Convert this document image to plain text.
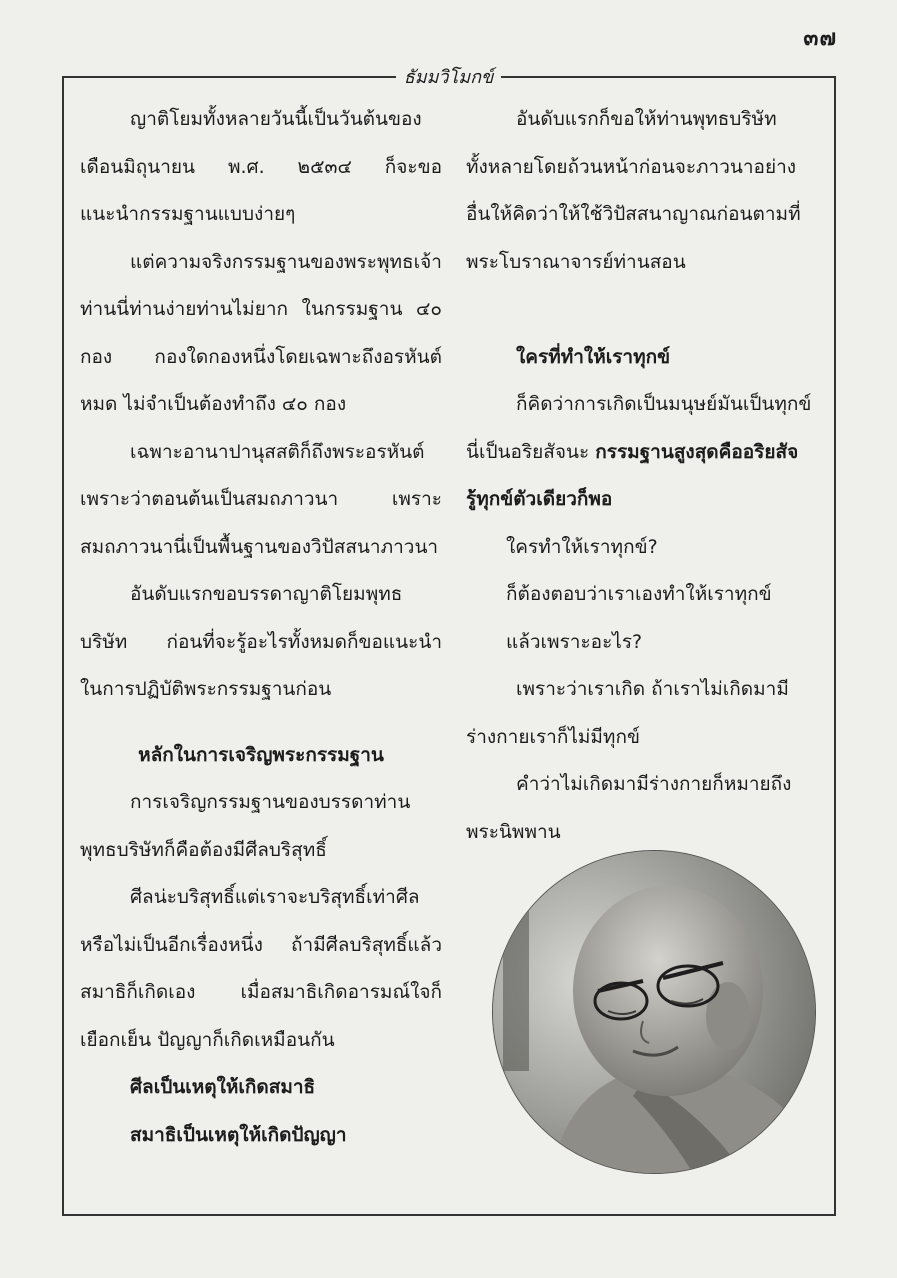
๓๗
ธัมมวิโมกข์

ญาติโยมทั้งหลายวันนี้เป็นวันต้นของ

เดือนมิถุนายน พ.ศ. ๒๕๓๔ ก็จะขอ

แนะนำกรรมฐานแบบง่ายๆ

แต่ความจริงกรรมฐานของพระพุทธเจ้า

ท่านนี่ท่านง่ายท่านไม่ยาก ในกรรมฐาน ๔๐

กอง กองใดกองหนึ่งโดยเฉพาะถึงอรหันต์

หมด ไม่จำเป็นต้องทำถึง ๔๐ กอง

เฉพาะอานาปานุสสติก็ถึงพระอรหันต์

เพราะว่าตอนต้นเป็นสมถภาวนา เพราะ

สมถภาวนานี่เป็นพื้นฐานของวิปัสสนาภาวนา

อันดับแรกขอบรรดาญาติโยมพุทธ

บริษัท ก่อนที่จะรู้อะไรทั้งหมดก็ขอแนะนำ

ในการปฏิบัติพระกรรมฐานก่อน

หลักในการเจริญพระกรรมฐาน

การเจริญกรรมฐานของบรรดาท่าน

พุทธบริษัทก็คือต้องมีศีลบริสุทธิ์

ศีลน่ะบริสุทธิ์แต่เราจะบริสุทธิ์เท่าศีล

หรือไม่เป็นอีกเรื่องหนึ่ง ถ้ามีศีลบริสุทธิ์แล้ว

สมาธิก็เกิดเอง เมื่อสมาธิเกิดอารมณ์ใจก็

เยือกเย็น ปัญญาก็เกิดเหมือนกัน

ศีลเป็นเหตุให้เกิดสมาธิ

สมาธิเป็นเหตุให้เกิดปัญญา

อันดับแรกก็ขอให้ท่านพุทธบริษัท

ทั้งหลายโดยถ้วนหน้าก่อนจะภาวนาอย่าง

อื่นให้คิดว่าให้ใช้วิปัสสนาญาณก่อนตามที่

พระโบราณาจารย์ท่านสอน

ใครที่ทำให้เราทุกข์

ก็คิดว่าการเกิดเป็นมนุษย์มันเป็นทุกข์

นี่เป็นอริยสัจนะ กรรมฐานสูงสุดคืออริยสัจ

รู้ทุกข์ตัวเดียวก็พอ

ใครทำให้เราทุกข์?

ก็ต้องตอบว่าเราเองทำให้เราทุกข์

แล้วเพราะอะไร?

เพราะว่าเราเกิด ถ้าเราไม่เกิดมามี

ร่างกายเราก็ไม่มีทุกข์

คำว่าไม่เกิดมามีร่างกายก็หมายถึง

พระนิพพาน
